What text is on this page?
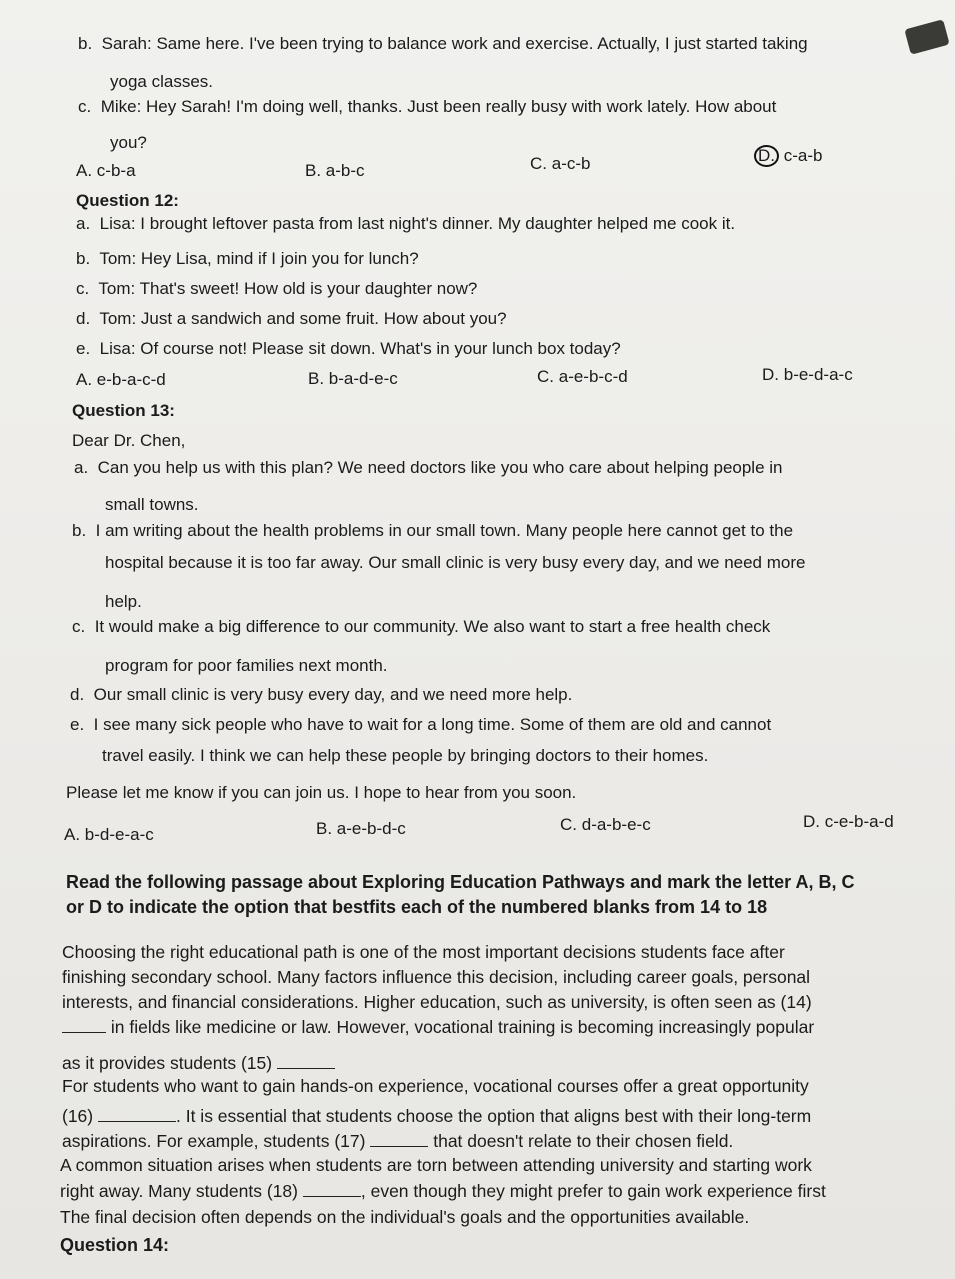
b. Sarah: Same here. I've been trying to balance work and exercise. Actually, I just started taking
yoga classes.
c. Mike: Hey Sarah! I'm doing well, thanks. Just been really busy with work lately. How about
you?
A. c-b-a	B. a-b-c	C. a-c-b	D. c-a-b
Question 12:
a. Lisa: I brought leftover pasta from last night's dinner. My daughter helped me cook it.
b. Tom: Hey Lisa, mind if I join you for lunch?
c. Tom: That's sweet! How old is your daughter now?
d. Tom: Just a sandwich and some fruit. How about you?
e. Lisa: Of course not! Please sit down. What's in your lunch box today?
A. e-b-a-c-d	B. b-a-d-e-c	C. a-e-b-c-d	D. b-e-d-a-c
Question 13:
Dear Dr. Chen,
a. Can you help us with this plan? We need doctors like you who care about helping people in
small towns.
b. I am writing about the health problems in our small town. Many people here cannot get to the
hospital because it is too far away. Our small clinic is very busy every day, and we need more
help.
c. It would make a big difference to our community. We also want to start a free health check
program for poor families next month.
d. Our small clinic is very busy every day, and we need more help.
e. I see many sick people who have to wait for a long time. Some of them are old and cannot
travel easily. I think we can help these people by bringing doctors to their homes.
Please let me know if you can join us. I hope to hear from you soon.
A. b-d-e-a-c	B. a-e-b-d-c	C. d-a-b-e-c	D. c-e-b-a-d
Read the following passage about Exploring Education Pathways and mark the letter A, B, C
or D to indicate the option that bestfits each of the numbered blanks from 14 to 18
Choosing the right educational path is one of the most important decisions students face after
finishing secondary school. Many factors influence this decision, including career goals, personal
interests, and financial considerations. Higher education, such as university, is often seen as (14)
in fields like medicine or law. However, vocational training is becoming increasingly popular
as it provides students (15)
For students who want to gain hands-on experience, vocational courses offer a great opportunity
(16)	. It is essential that students choose the option that aligns best with their long-term
aspirations. For example, students (17)	that doesn't relate to their chosen field.
A common situation arises when students are torn between attending university and starting work
right away. Many students (18)	, even though they might prefer to gain work experience first
The final decision often depends on the individual's goals and the opportunities available.
Question 14:
